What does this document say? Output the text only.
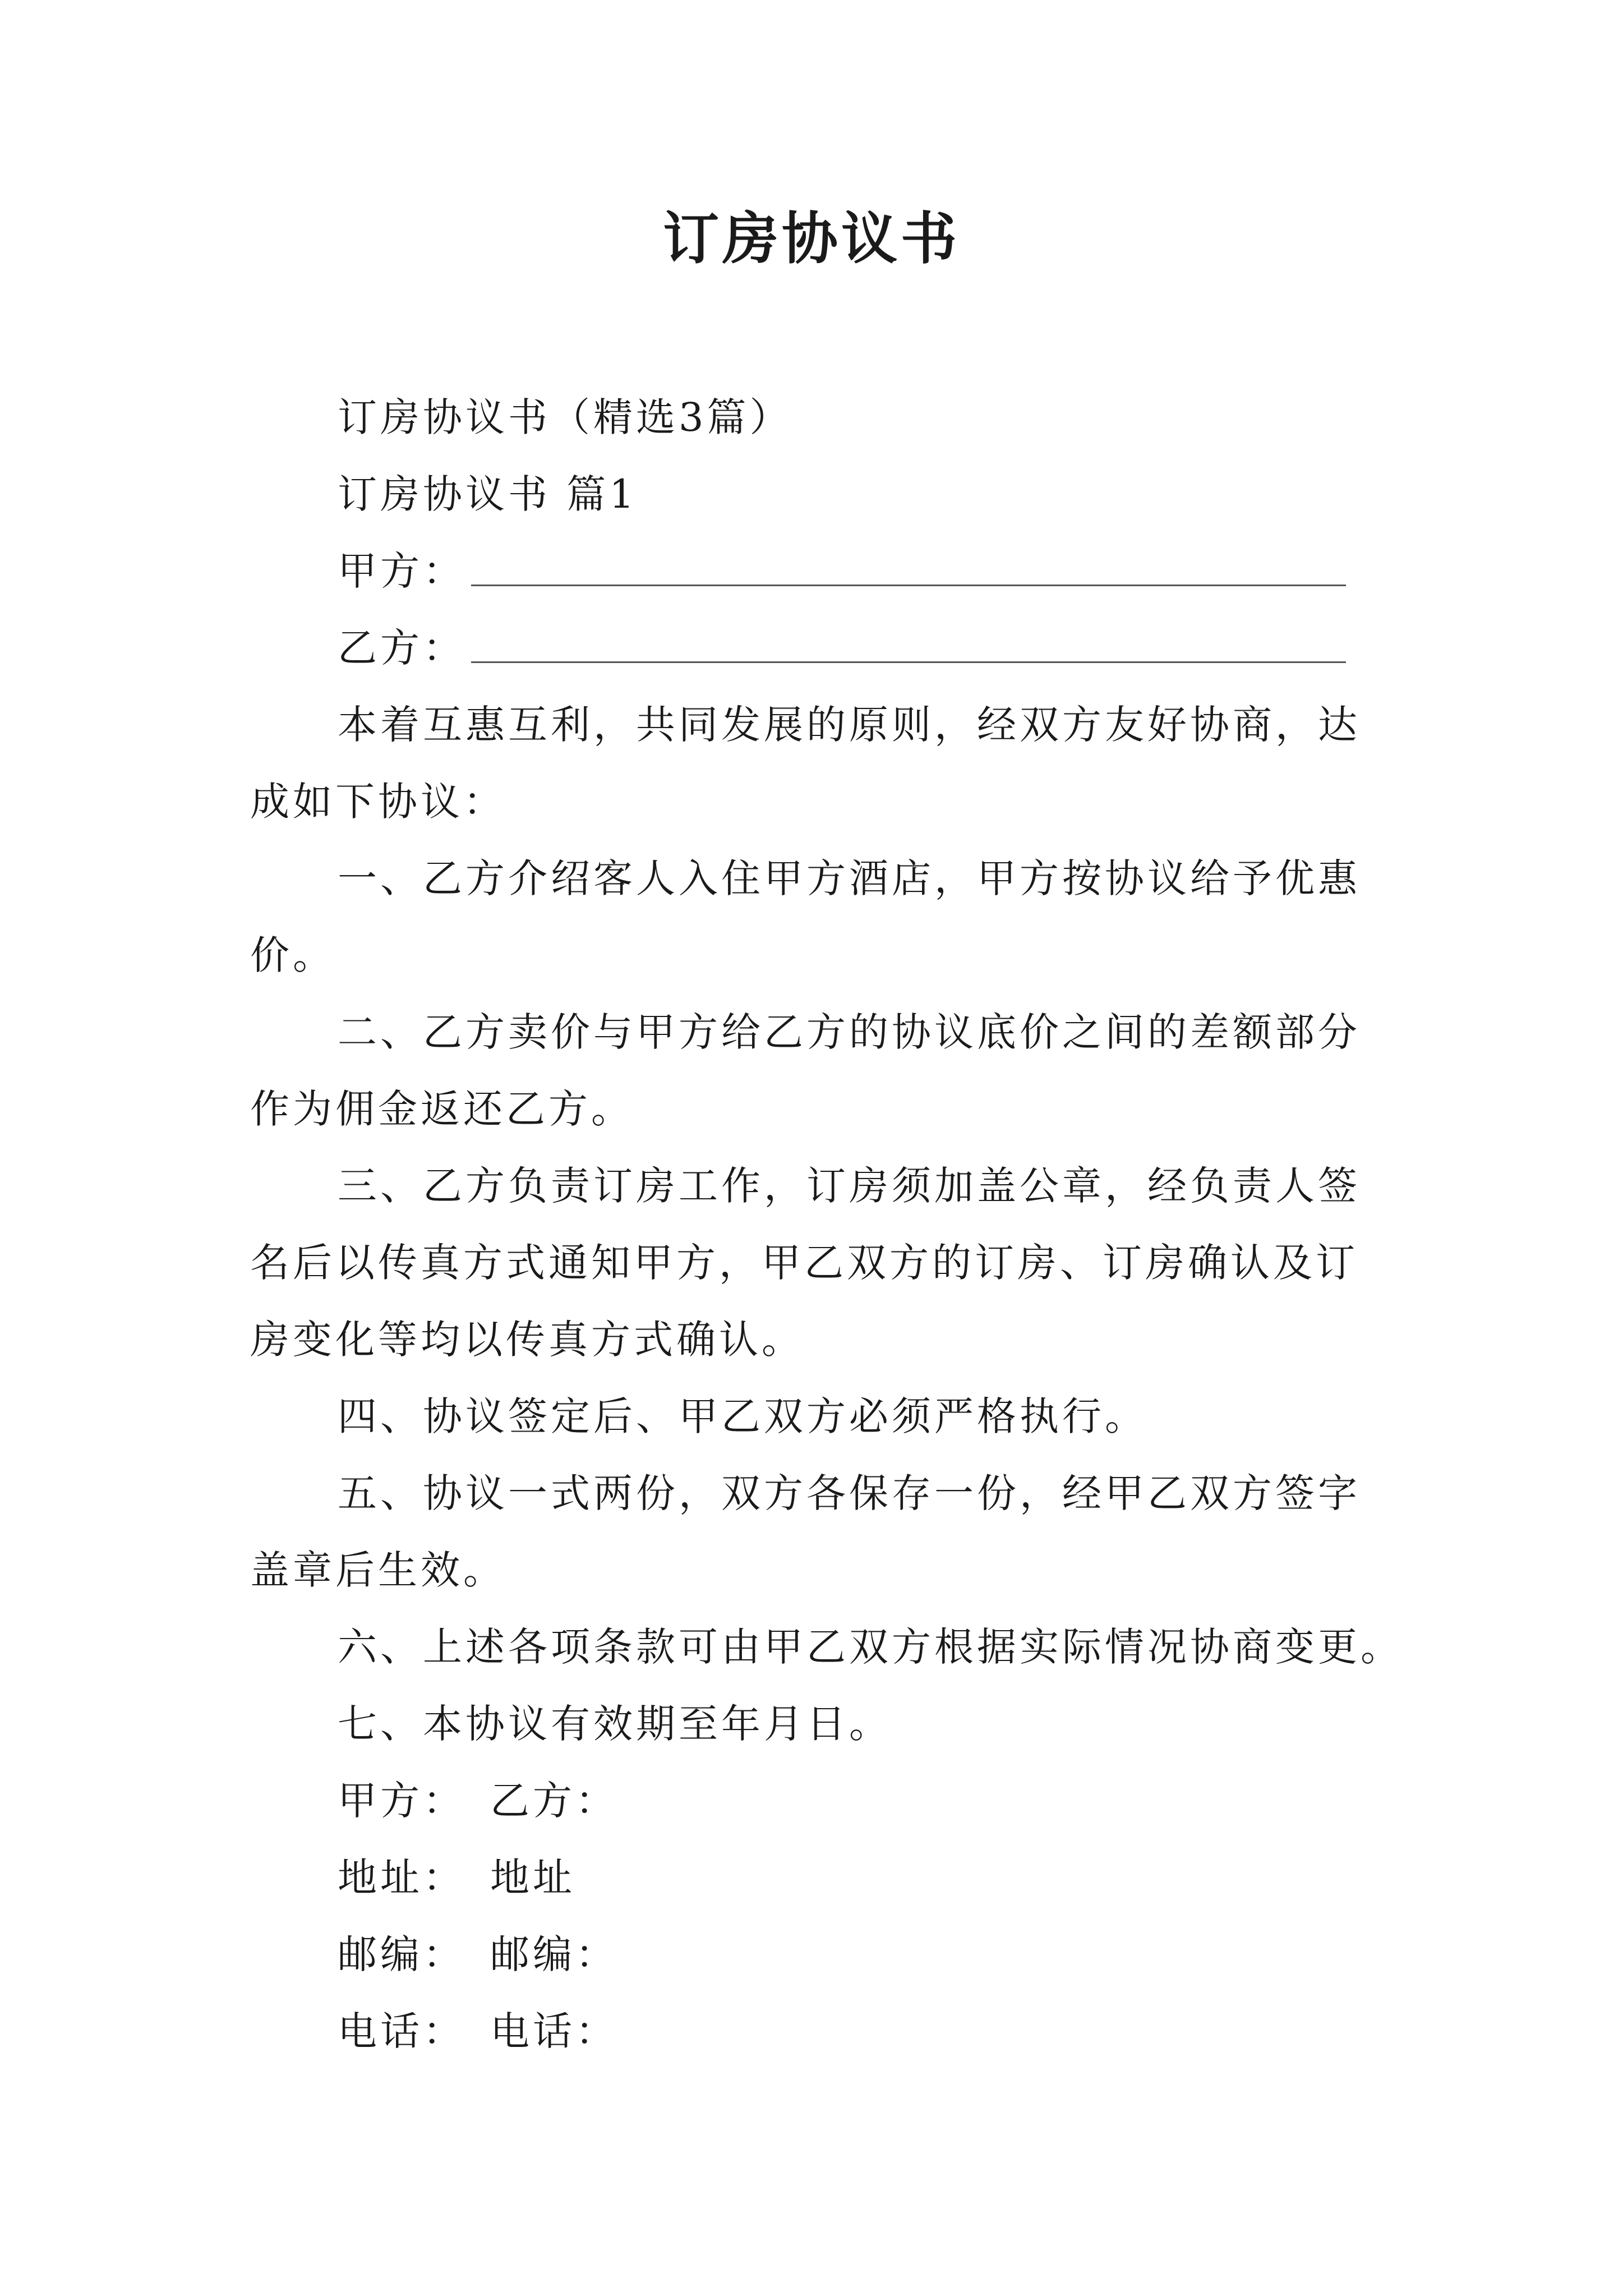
订房协议书
订房协议书（精选3篇）
订房协议书 篇1
甲方：
乙方：
本着互惠互利，共同发展的原则，经双方友好协商，达
成如下协议：
一、乙方介绍客人入住甲方酒店，甲方按协议给予优惠
价。
二、乙方卖价与甲方给乙方的协议底价之间的差额部分
作为佣金返还乙方。
三、乙方负责订房工作，订房须加盖公章，经负责人签
名后以传真方式通知甲方，甲乙双方的订房、订房确认及订
房变化等均以传真方式确认。
四、协议签定后、甲乙双方必须严格执行。
五、协议一式两份，双方各保存一份，经甲乙双方签字
盖章后生效。
六、上述各项条款可由甲乙双方根据实际情况协商变更。
七、本协议有效期至年月日。
甲方： 乙方：
地址： 地址
邮编： 邮编：
电话： 电话：
